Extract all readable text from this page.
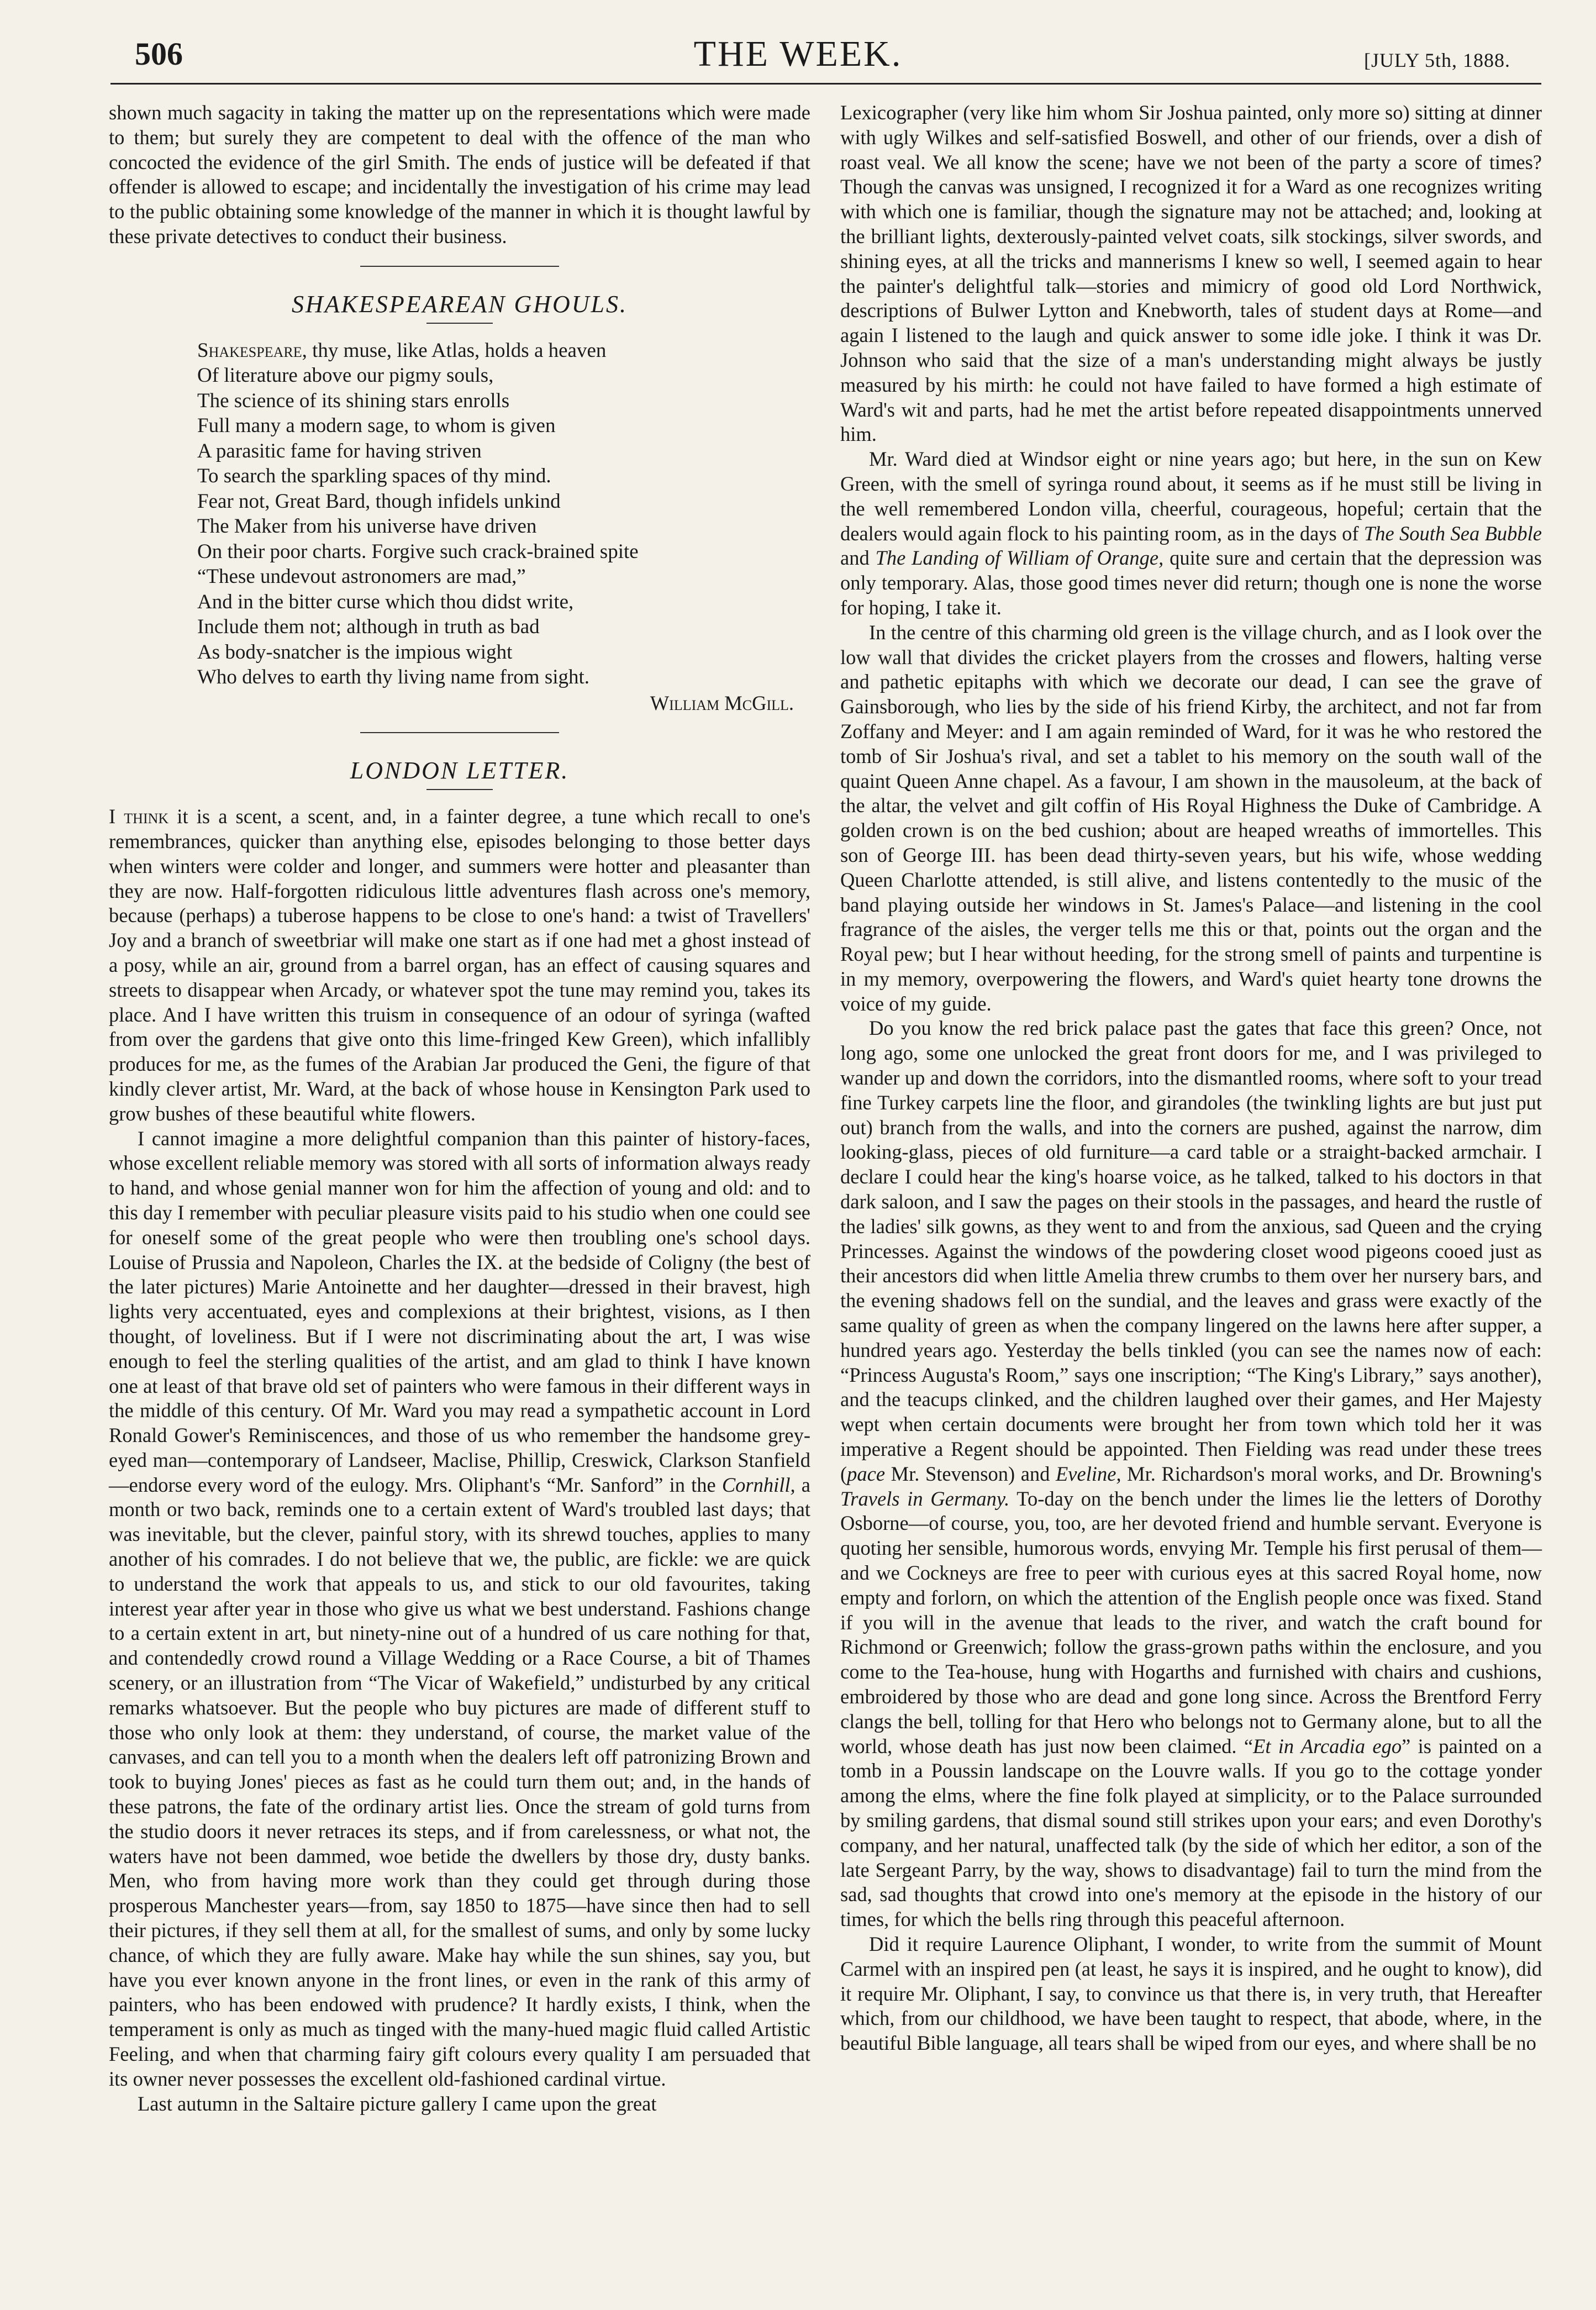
506	THE WEEK.	[JULY 5th, 1888.

shown much sagacity in taking the matter up on the representations which were made to them; but surely they are competent to deal with the offence of the man who concocted the evidence of the girl Smith. The ends of justice will be defeated if that offender is allowed to escape; and incidentally the investigation of his crime may lead to the public obtaining some knowledge of the manner in which it is thought lawful by these private detectives to conduct their business.

SHAKESPEAREAN GHOULS.
Shakespeare, thy muse, like Atlas, holds a heaven
Of literature above our pigmy souls,
The science of its shining stars enrolls
Full many a modern sage, to whom is given
A parasitic fame for having striven
To search the sparkling spaces of thy mind.
Fear not, Great Bard, though infidels unkind
The Maker from his universe have driven
On their poor charts. Forgive such crack-brained spite
“These undevout astronomers are mad,”
And in the bitter curse which thou didst write,
Include them not; although in truth as bad
As body-snatcher is the impious wight
Who delves to earth thy living name from sight.
William McGill.
LONDON LETTER.

I think it is a scent, a scent, and, in a fainter degree, a tune which recall to one's remembrances, quicker than anything else, episodes belonging to those better days when winters were colder and longer, and summers were hotter and pleasanter than they are now. Half-forgotten ridiculous little adventures flash across one's memory, because (perhaps) a tuberose happens to be close to one's hand: a twist of Travellers' Joy and a branch of sweetbriar will make one start as if one had met a ghost instead of a posy, while an air, ground from a barrel organ, has an effect of causing squares and streets to disappear when Arcady, or whatever spot the tune may remind you, takes its place. And I have written this truism in consequence of an odour of syringa (wafted from over the gardens that give onto this lime-fringed Kew Green), which infallibly produces for me, as the fumes of the Arabian Jar produced the Geni, the figure of that kindly clever artist, Mr. Ward, at the back of whose house in Kensington Park used to grow bushes of these beautiful white flowers.

I cannot imagine a more delightful companion than this painter of history-faces, whose excellent reliable memory was stored with all sorts of information always ready to hand, and whose genial manner won for him the affection of young and old: and to this day I remember with peculiar pleasure visits paid to his studio when one could see for oneself some of the great people who were then troubling one's school days. Louise of Prussia and Napoleon, Charles the IX. at the bedside of Coligny (the best of the later pictures) Marie Antoinette and her daughter—dressed in their bravest, high lights very accentuated, eyes and complexions at their brightest, visions, as I then thought, of loveliness. But if I were not discriminating about the art, I was wise enough to feel the sterling qualities of the artist, and am glad to think I have known one at least of that brave old set of painters who were famous in their different ways in the middle of this century. Of Mr. Ward you may read a sympathetic account in Lord Ronald Gower's Reminiscences, and those of us who remember the handsome grey-eyed man—contemporary of Landseer, Maclise, Phillip, Creswick, Clarkson Stanfield—endorse every word of the eulogy. Mrs. Oliphant's “Mr. Sanford” in the Cornhill, a month or two back, reminds one to a certain extent of Ward's troubled last days; that was inevitable, but the clever, painful story, with its shrewd touches, applies to many another of his comrades. I do not believe that we, the public, are fickle: we are quick to understand the work that appeals to us, and stick to our old favourites, taking interest year after year in those who give us what we best understand. Fashions change to a certain extent in art, but ninety-nine out of a hundred of us care nothing for that, and contendedly crowd round a Village Wedding or a Race Course, a bit of Thames scenery, or an illustration from “The Vicar of Wakefield,” undisturbed by any critical remarks whatsoever. But the people who buy pictures are made of different stuff to those who only look at them: they understand, of course, the market value of the canvases, and can tell you to a month when the dealers left off patronizing Brown and took to buying Jones' pieces as fast as he could turn them out; and, in the hands of these patrons, the fate of the ordinary artist lies. Once the stream of gold turns from the studio doors it never retraces its steps, and if from carelessness, or what not, the waters have not been dammed, woe betide the dwellers by those dry, dusty banks. Men, who from having more work than they could get through during those prosperous Manchester years—from, say 1850 to 1875—have since then had to sell their pictures, if they sell them at all, for the smallest of sums, and only by some lucky chance, of which they are fully aware. Make hay while the sun shines, say you, but have you ever known anyone in the front lines, or even in the rank of this army of painters, who has been endowed with prudence? It hardly exists, I think, when the temperament is only as much as tinged with the many-hued magic fluid called Artistic Feeling, and when that charming fairy gift colours every quality I am persuaded that its owner never possesses the excellent old-fashioned cardinal virtue.

Last autumn in the Saltaire picture gallery I came upon the great

Lexicographer (very like him whom Sir Joshua painted, only more so) sitting at dinner with ugly Wilkes and self-satisfied Boswell, and other of our friends, over a dish of roast veal. We all know the scene; have we not been of the party a score of times? Though the canvas was unsigned, I recognized it for a Ward as one recognizes writing with which one is familiar, though the signature may not be attached; and, looking at the brilliant lights, dexterously-painted velvet coats, silk stockings, silver swords, and shining eyes, at all the tricks and mannerisms I knew so well, I seemed again to hear the painter's delightful talk—stories and mimicry of good old Lord Northwick, descriptions of Bulwer Lytton and Knebworth, tales of student days at Rome—and again I listened to the laugh and quick answer to some idle joke. I think it was Dr. Johnson who said that the size of a man's understanding might always be justly measured by his mirth: he could not have failed to have formed a high estimate of Ward's wit and parts, had he met the artist before repeated disappointments unnerved him.

Mr. Ward died at Windsor eight or nine years ago; but here, in the sun on Kew Green, with the smell of syringa round about, it seems as if he must still be living in the well remembered London villa, cheerful, courageous, hopeful; certain that the dealers would again flock to his painting room, as in the days of The South Sea Bubble and The Landing of William of Orange, quite sure and certain that the depression was only temporary. Alas, those good times never did return; though one is none the worse for hoping, I take it.

In the centre of this charming old green is the village church, and as I look over the low wall that divides the cricket players from the crosses and flowers, halting verse and pathetic epitaphs with which we decorate our dead, I can see the grave of Gainsborough, who lies by the side of his friend Kirby, the architect, and not far from Zoffany and Meyer: and I am again reminded of Ward, for it was he who restored the tomb of Sir Joshua's rival, and set a tablet to his memory on the south wall of the quaint Queen Anne chapel. As a favour, I am shown in the mausoleum, at the back of the altar, the velvet and gilt coffin of His Royal Highness the Duke of Cambridge. A golden crown is on the bed cushion; about are heaped wreaths of immortelles. This son of George III. has been dead thirty-seven years, but his wife, whose wedding Queen Charlotte attended, is still alive, and listens contentedly to the music of the band playing outside her windows in St. James's Palace—and listening in the cool fragrance of the aisles, the verger tells me this or that, points out the organ and the Royal pew; but I hear without heeding, for the strong smell of paints and turpentine is in my memory, overpowering the flowers, and Ward's quiet hearty tone drowns the voice of my guide.

Do you know the red brick palace past the gates that face this green? Once, not long ago, some one unlocked the great front doors for me, and I was privileged to wander up and down the corridors, into the dismantled rooms, where soft to your tread fine Turkey carpets line the floor, and girandoles (the twinkling lights are but just put out) branch from the walls, and into the corners are pushed, against the narrow, dim looking-glass, pieces of old furniture—a card table or a straight-backed armchair. I declare I could hear the king's hoarse voice, as he talked, talked to his doctors in that dark saloon, and I saw the pages on their stools in the passages, and heard the rustle of the ladies' silk gowns, as they went to and from the anxious, sad Queen and the crying Princesses. Against the windows of the powdering closet wood pigeons cooed just as their ancestors did when little Amelia threw crumbs to them over her nursery bars, and the evening shadows fell on the sundial, and the leaves and grass were exactly of the same quality of green as when the company lingered on the lawns here after supper, a hundred years ago. Yesterday the bells tinkled (you can see the names now of each: “Princess Augusta's Room,” says one inscription; “The King's Library,” says another), and the teacups clinked, and the children laughed over their games, and Her Majesty wept when certain documents were brought her from town which told her it was imperative a Regent should be appointed. Then Fielding was read under these trees (pace Mr. Stevenson) and Eveline, Mr. Richardson's moral works, and Dr. Browning's Travels in Germany. To-day on the bench under the limes lie the letters of Dorothy Osborne—of course, you, too, are her devoted friend and humble servant. Everyone is quoting her sensible, humorous words, envying Mr. Temple his first perusal of them—and we Cockneys are free to peer with curious eyes at this sacred Royal home, now empty and forlorn, on which the attention of the English people once was fixed. Stand if you will in the avenue that leads to the river, and watch the craft bound for Richmond or Greenwich; follow the grass-grown paths within the enclosure, and you come to the Tea-house, hung with Hogarths and furnished with chairs and cushions, embroidered by those who are dead and gone long since. Across the Brentford Ferry clangs the bell, tolling for that Hero who belongs not to Germany alone, but to all the world, whose death has just now been claimed. “Et in Arcadia ego” is painted on a tomb in a Poussin landscape on the Louvre walls. If you go to the cottage yonder among the elms, where the fine folk played at simplicity, or to the Palace surrounded by smiling gardens, that dismal sound still strikes upon your ears; and even Dorothy's company, and her natural, unaffected talk (by the side of which her editor, a son of the late Sergeant Parry, by the way, shows to disadvantage) fail to turn the mind from the sad, sad thoughts that crowd into one's memory at the episode in the history of our times, for which the bells ring through this peaceful afternoon.

Did it require Laurence Oliphant, I wonder, to write from the summit of Mount Carmel with an inspired pen (at least, he says it is inspired, and he ought to know), did it require Mr. Oliphant, I say, to convince us that there is, in very truth, that Hereafter which, from our childhood, we have been taught to respect, that abode, where, in the beautiful Bible language, all tears shall be wiped from our eyes, and where shall be no
